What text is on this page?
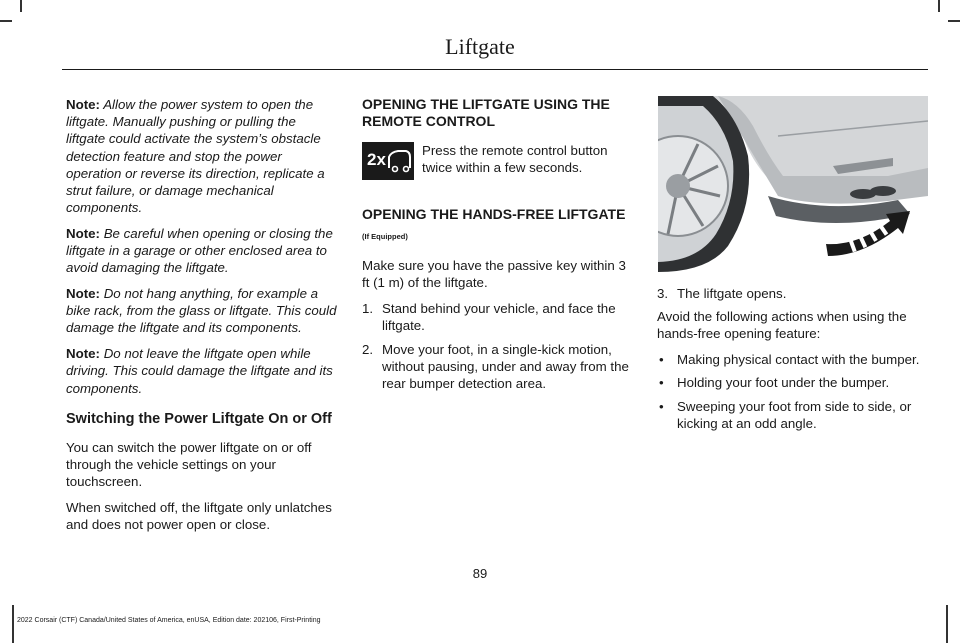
Liftgate

Note: Allow the power system to open the liftgate. Manually pushing or pulling the liftgate could activate the system’s obstacle detection feature and stop the power operation or reverse its direction, replicate a strut failure, or damage mechanical components.

Note: Be careful when opening or closing the liftgate in a garage or other enclosed area to avoid damaging the liftgate.

Note: Do not hang anything, for example a bike rack, from the glass or liftgate. This could damage the liftgate and its components.

Note: Do not leave the liftgate open while driving. This could damage the liftgate and its components.

Switching the Power Liftgate On or Off

You can switch the power liftgate on or off through the vehicle settings on your touchscreen.

When switched off, the liftgate only unlatches and does not power open or close.

OPENING THE LIFTGATE USING THE REMOTE CONTROL
2x	Press the remote control button twice within a few seconds.
OPENING THE HANDS-FREE LIFTGATE
(If Equipped)

Make sure you have the passive key within 3 ft (1 m) of the liftgate.

1. Stand behind your vehicle, and face the liftgate.
2. Move your foot, in a single-kick motion, without pausing, under and away from the rear bumper detection area.
3. The liftgate opens.

Avoid the following actions when using the hands-free opening feature:

• Making physical contact with the bumper.
• Holding your foot under the bumper.
• Sweeping your foot from side to side, or kicking at an odd angle.
89
2022 Corsair (CTF) Canada/United States of America, enUSA, Edition date: 202106, First-Printing
